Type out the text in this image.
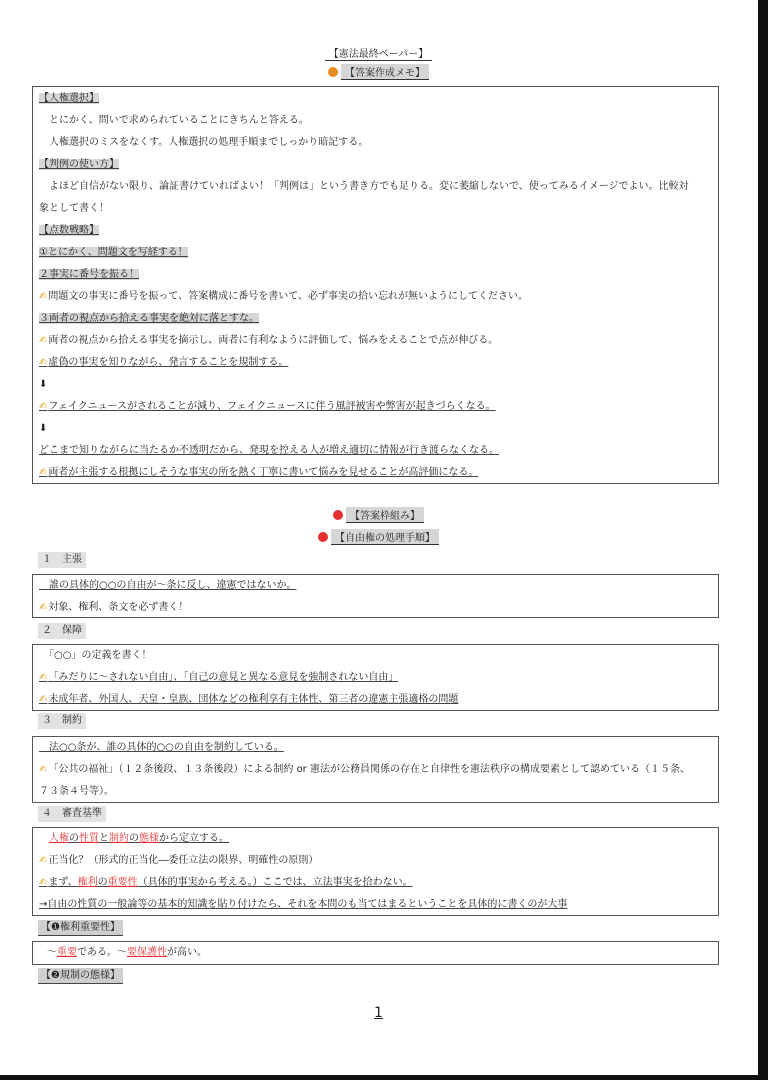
【憲法最終ペーパー】
【答案作成メモ】
【人権選択】
　とにかく、問いで求められていることにきちんと答える。
　人権選択のミスをなくす。人権選択の処理手順までしっかり暗記する。
【判例の使い方】
　よほど自信がない限り、論証書けていればよい！「判例は」という書き方でも足りる。変に萎縮しないで、使ってみるイメージでよい。比較対
象として書く！
【点数戦略】
①とにかく、問題文を写経する！
２事実に番号を振る！
✍問題文の事実に番号を振って、答案構成に番号を書いて、必ず事実の拾い忘れが無いようにしてください。
３両者の視点から拾える事実を絶対に落とすな。
✍両者の視点から拾える事実を摘示し、両者に有利なように評価して、悩みをえることで点が伸びる。
✍虚偽の事実を知りながら、発言することを規制する。
⬇
✍フェイクニュースがされることが減り、フェイクニュースに伴う風評被害や弊害が起きづらくなる。
⬇
どこまで知りながらに当たるか不透明だから、発現を控える人が増え適切に情報が行き渡らなくなる。
✍両者が主張する根拠にしそうな事実の所を熱く丁寧に書いて悩みを見せることが高評価になる。
【答案枠組み】
【自由権の処理手順】
１　主張
　誰の具体的○○の自由が～条に反し、違憲ではないか。
✍対象、権利、条文を必ず書く！
２　保障
　「○○」の定義を書く！
✍「みだりに～されない自由」、「自己の意見と異なる意見を強制されない自由」
✍未成年者、外国人、天皇・皇族、団体などの権利享有主体性、第三者の違憲主張適格の問題
３　制約
　法○○条が、誰の具体的○○の自由を制約している。
✍「公共の福祉」（１２条後段、１３条後段）による制約 or 憲法が公務員関係の存在と自律性を憲法秩序の構成要素として認めている（１５条、
７３条４号等）。
４　審査基準
人権の性質と制約の態様から定立する。
✍正当化？（形式的正当化―委任立法の限界、明確性の原則）
✍まず、権利の重要性（具体的事実から考える。）ここでは、立法事実を拾わない。
→自由の性質の一般論等の基本的知識を貼り付けたら、それを本問のも当てはまるということを具体的に書くのが大事
【❶権利重要性】
～重要である。～要保護性が高い。
【❷規制の態様】
1
